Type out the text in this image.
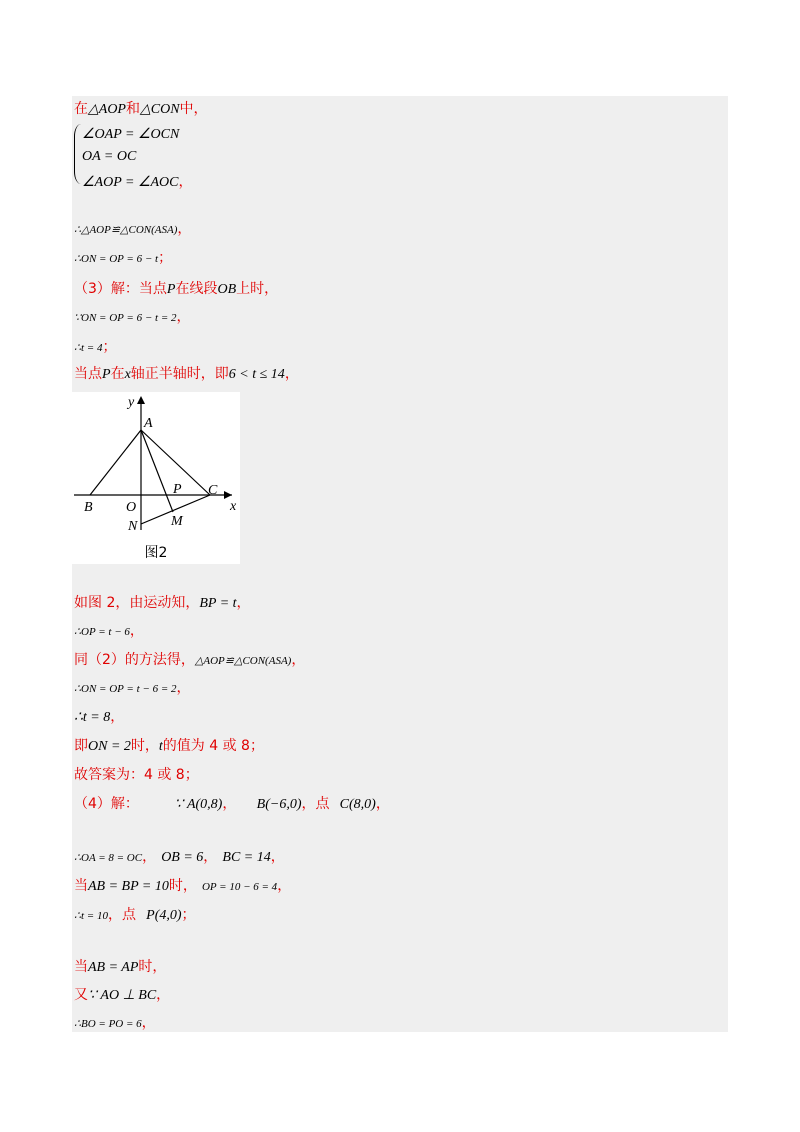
在△AOP和△CON中，
∠OAP = ∠OCN
OA = OC
∠AOP = ∠AOC，
∴△AOP≌△CON(ASA)，
∴ON = OP = 6 − t；
（3）解：当点P在线段OB上时，
∵ON = OP = 6 − t = 2，
∴t = 4；
当点P在x轴正半轴时，即6 < t ≤ 14，
y
x
A
B O
C
P
N M
图2
如图 2，由运动知，BP = t，
∴OP = t − 6，
同（2）的方法得，△AOP≌△CON(ASA)，
∴ON = OP = t − 6 = 2，
∴t = 8，
即ON = 2时，t的值为 4 或 8；
故答案为：4 或 8；
（4）解：	∵ A(0,8)， B(−6,0)，点 C(8,0)，
∴OA = 8 = OC， OB = 6， BC = 14，
当AB = BP = 10时， OP = 10 − 6 = 4，
∴t = 10，点 P(4,0)；
当AB = AP时，
又∵ AO ⊥ BC，
∴BO = PO = 6，
